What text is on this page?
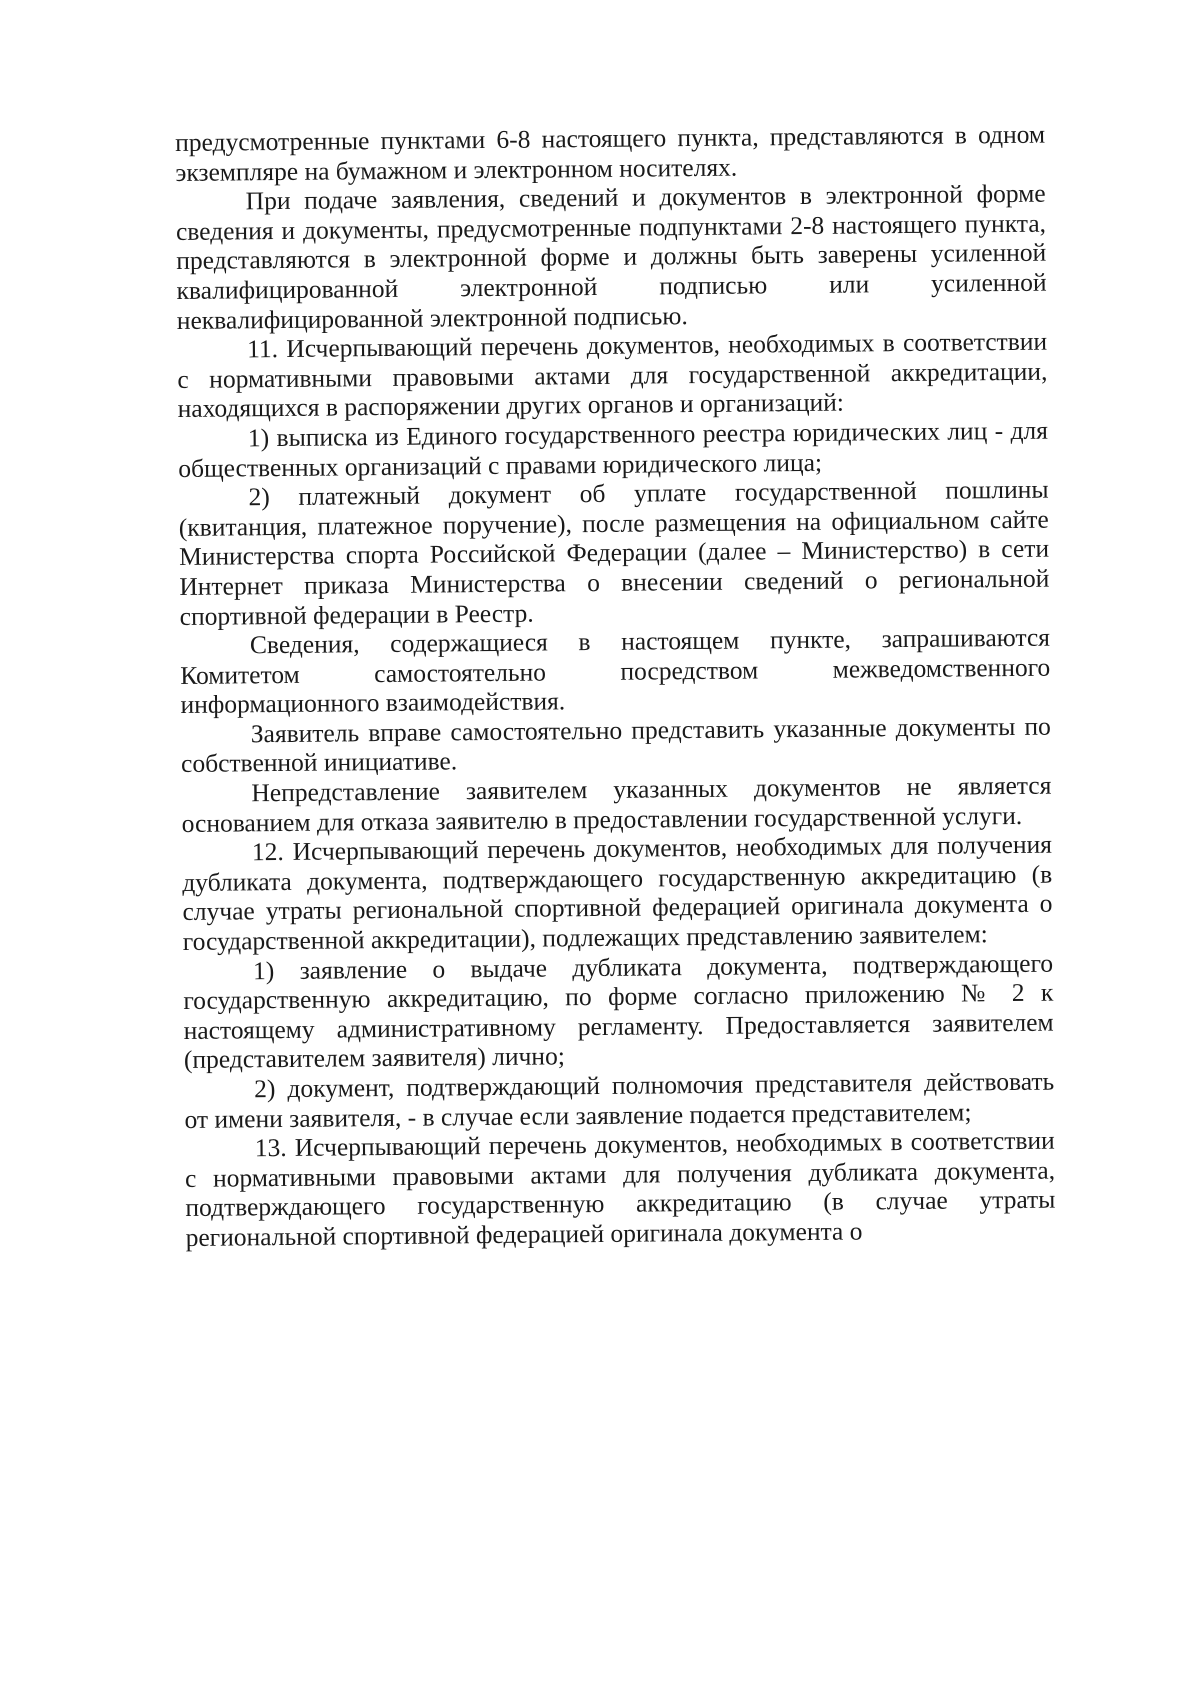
предусмотренные пунктами 6-8 настоящего пункта, представляются в одном экземпляре на бумажном и электронном носителях.

При подаче заявления, сведений и документов в электронной форме сведения и документы, предусмотренные подпунктами 2-8 настоящего пункта, представляются в электронной форме и должны быть заверены усиленной квалифицированной электронной подписью или усиленной неквалифицированной электронной подписью.

11. Исчерпывающий перечень документов, необходимых в соответствии с нормативными правовыми актами для государственной аккредитации, находящихся в распоряжении других органов и организаций:

1) выписка из Единого государственного реестра юридических лиц - для общественных организаций с правами юридического лица;

2) платежный документ об уплате государственной пошлины (квитанция, платежное поручение), после размещения на официальном сайте Министерства спорта Российской Федерации (далее – Министерство) в сети Интернет приказа Министерства о внесении сведений о региональной спортивной федерации в Реестр.

Сведения, содержащиеся в настоящем пункте, запрашиваются Комитетом самостоятельно посредством межведомственного информационного взаимодействия.

Заявитель вправе самостоятельно представить указанные документы по собственной инициативе.

Непредставление заявителем указанных документов не является основанием для отказа заявителю в предоставлении государственной услуги.

12. Исчерпывающий перечень документов, необходимых для получения дубликата документа, подтверждающего государственную аккредитацию (в случае утраты региональной спортивной федерацией оригинала документа о государственной аккредитации), подлежащих представлению заявителем:

1) заявление о выдаче дубликата документа, подтверждающего государственную аккредитацию, по форме согласно приложению № 2 к настоящему административному регламенту. Предоставляется заявителем (представителем заявителя) лично;

2) документ, подтверждающий полномочия представителя действовать от имени заявителя, - в случае если заявление подается представителем;

13. Исчерпывающий перечень документов, необходимых в соответствии с нормативными правовыми актами для получения дубликата документа, подтверждающего государственную аккредитацию (в случае утраты региональной спортивной федерацией оригинала документа о
